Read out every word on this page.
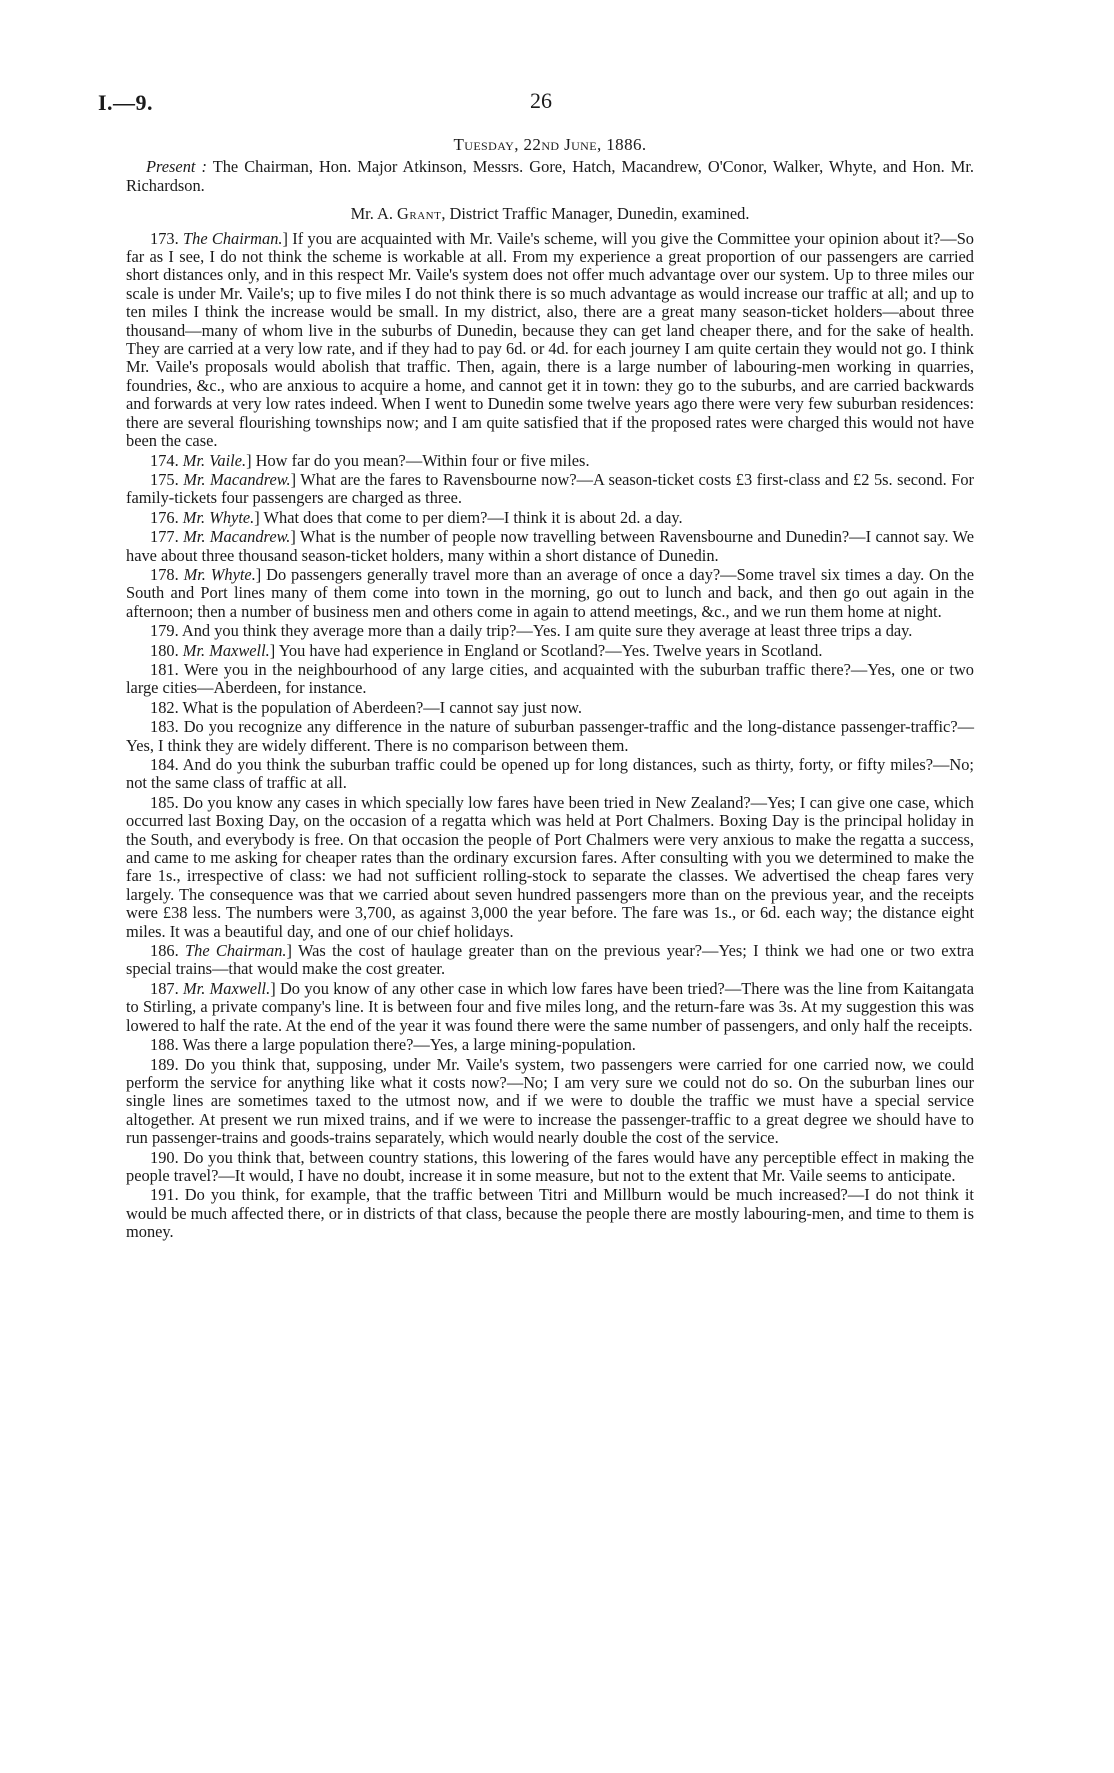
I.—9.	26

Tuesday, 22nd June, 1886.

Present : The Chairman, Hon. Major Atkinson, Messrs. Gore, Hatch, Macandrew, O'Conor, Walker, Whyte, and Hon. Mr. Richardson.

Mr. A. Grant, District Traffic Manager, Dunedin, examined.

173. The Chairman.] If you are acquainted with Mr. Vaile's scheme, will you give the Committee your opinion about it?—So far as I see, I do not think the scheme is workable at all. From my experience a great proportion of our passengers are carried short distances only, and in this respect Mr. Vaile's system does not offer much advantage over our system. Up to three miles our scale is under Mr. Vaile's; up to five miles I do not think there is so much advantage as would increase our traffic at all; and up to ten miles I think the increase would be small. In my district, also, there are a great many season-ticket holders—about three thousand—many of whom live in the suburbs of Dunedin, because they can get land cheaper there, and for the sake of health. They are carried at a very low rate, and if they had to pay 6d. or 4d. for each journey I am quite certain they would not go. I think Mr. Vaile's proposals would abolish that traffic. Then, again, there is a large number of labouring-men working in quarries, foundries, &c., who are anxious to acquire a home, and cannot get it in town: they go to the suburbs, and are carried backwards and forwards at very low rates indeed. When I went to Dunedin some twelve years ago there were very few suburban residences: there are several flourishing townships now; and I am quite satisfied that if the proposed rates were charged this would not have been the case.

174. Mr. Vaile.] How far do you mean?—Within four or five miles.

175. Mr. Macandrew.] What are the fares to Ravensbourne now?—A season-ticket costs £3 first-class and £2 5s. second. For family-tickets four passengers are charged as three.

176. Mr. Whyte.] What does that come to per diem?—I think it is about 2d. a day.

177. Mr. Macandrew.] What is the number of people now travelling between Ravensbourne and Dunedin?—I cannot say. We have about three thousand season-ticket holders, many within a short distance of Dunedin.

178. Mr. Whyte.] Do passengers generally travel more than an average of once a day?—Some travel six times a day. On the South and Port lines many of them come into town in the morning, go out to lunch and back, and then go out again in the afternoon; then a number of business men and others come in again to attend meetings, &c., and we run them home at night.

179. And you think they average more than a daily trip?—Yes. I am quite sure they average at least three trips a day.

180. Mr. Maxwell.] You have had experience in England or Scotland?—Yes. Twelve years in Scotland.

181. Were you in the neighbourhood of any large cities, and acquainted with the suburban traffic there?—Yes, one or two large cities—Aberdeen, for instance.

182. What is the population of Aberdeen?—I cannot say just now.

183. Do you recognize any difference in the nature of suburban passenger-traffic and the long-distance passenger-traffic?—Yes, I think they are widely different. There is no comparison between them.

184. And do you think the suburban traffic could be opened up for long distances, such as thirty, forty, or fifty miles?—No; not the same class of traffic at all.

185. Do you know any cases in which specially low fares have been tried in New Zealand?—Yes; I can give one case, which occurred last Boxing Day, on the occasion of a regatta which was held at Port Chalmers. Boxing Day is the principal holiday in the South, and everybody is free. On that occasion the people of Port Chalmers were very anxious to make the regatta a success, and came to me asking for cheaper rates than the ordinary excursion fares. After consulting with you we determined to make the fare 1s., irrespective of class: we had not sufficient rolling-stock to separate the classes. We advertised the cheap fares very largely. The consequence was that we carried about seven hundred passengers more than on the previous year, and the receipts were £38 less. The numbers were 3,700, as against 3,000 the year before. The fare was 1s., or 6d. each way; the distance eight miles. It was a beautiful day, and one of our chief holidays.

186. The Chairman.] Was the cost of haulage greater than on the previous year?—Yes; I think we had one or two extra special trains—that would make the cost greater.

187. Mr. Maxwell.] Do you know of any other case in which low fares have been tried?—There was the line from Kaitangata to Stirling, a private company's line. It is between four and five miles long, and the return-fare was 3s. At my suggestion this was lowered to half the rate. At the end of the year it was found there were the same number of passengers, and only half the receipts.

188. Was there a large population there?—Yes, a large mining-population.

189. Do you think that, supposing, under Mr. Vaile's system, two passengers were carried for one carried now, we could perform the service for anything like what it costs now?—No; I am very sure we could not do so. On the suburban lines our single lines are sometimes taxed to the utmost now, and if we were to double the traffic we must have a special service altogether. At present we run mixed trains, and if we were to increase the passenger-traffic to a great degree we should have to run passenger-trains and goods-trains separately, which would nearly double the cost of the service.

190. Do you think that, between country stations, this lowering of the fares would have any perceptible effect in making the people travel?—It would, I have no doubt, increase it in some measure, but not to the extent that Mr. Vaile seems to anticipate.

191. Do you think, for example, that the traffic between Titri and Millburn would be much increased?—I do not think it would be much affected there, or in districts of that class, because the people there are mostly labouring-men, and time to them is money.
